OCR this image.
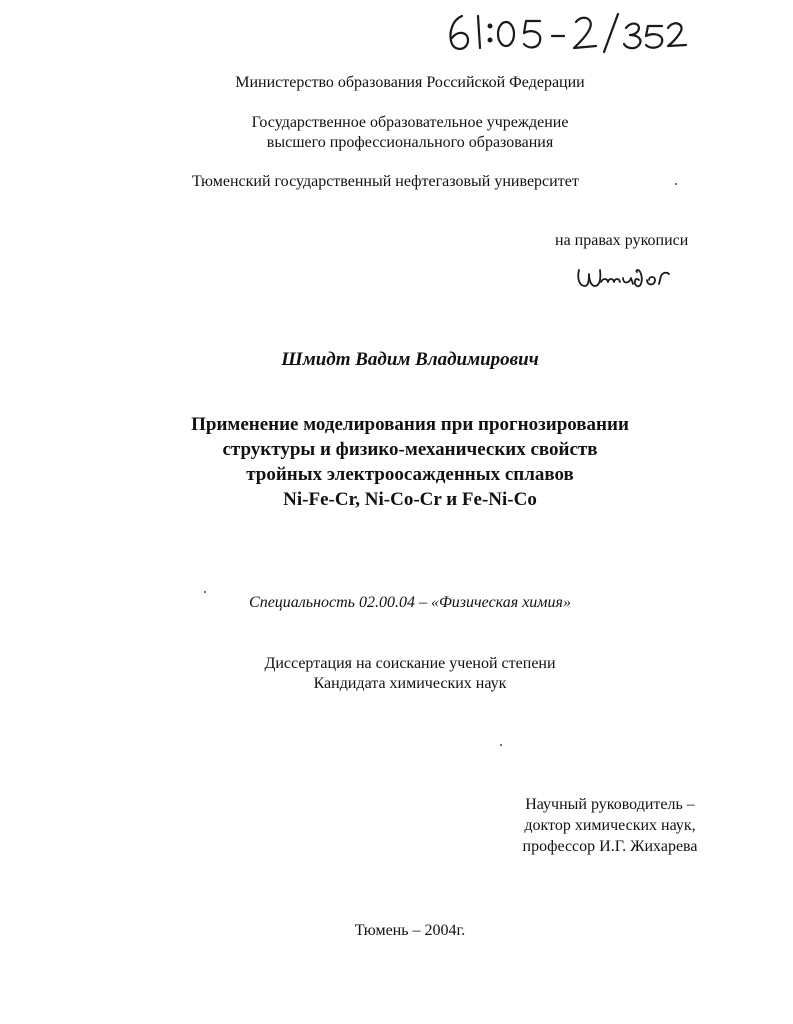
Министерство образования Российской Федерации
Государственное образовательное учреждение
высшего профессионального образования
Тюменский государственный нефтегазовый университет
на правах рукописи
Шмидт Вадим Владимирович
Применение моделирования при прогнозировании
структуры и физико-механических свойств
тройных электроосажденных сплавов
Ni-Fe-Cr, Ni-Co-Cr и Fe-Ni-Co
Специальность 02.00.04 – «Физическая химия»
Диссертация на соискание ученой степени
Кандидата химических наук
Научный руководитель –
доктор химических наук,
профессор И.Г. Жихарева
Тюмень – 2004г.
